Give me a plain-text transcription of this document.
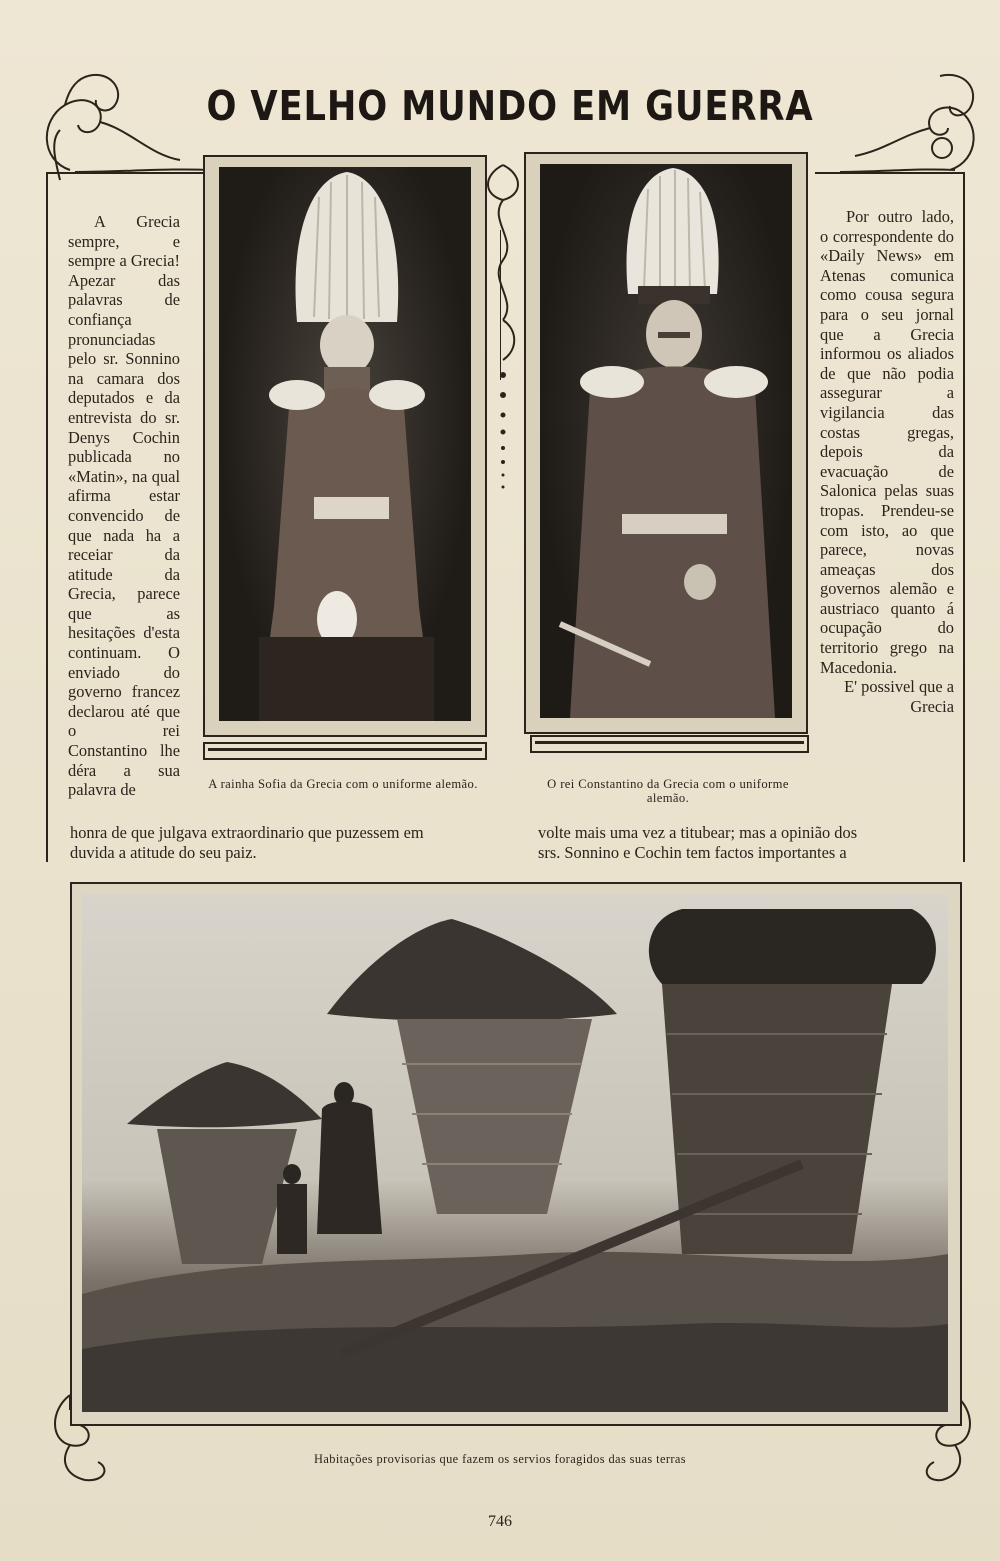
O VELHO MUNDO EM GUERRA
A rainha Sofia da Grecia com o uniforme alemão.	O rei Constantino da Grecia com o uniforme alemão.

A Grecia sempre, e sempre a Grecia! Apezar das palavras de confiança pronunciadas pelo sr. Sonnino na camara dos deputados e da entrevista do sr. Denys Cochin publicada no «Matin», na qual afirma estar convencido de que nada ha a receiar da atitude da Grecia, parece que as hesitações d'esta continuam. O enviado do governo francez declarou até que o rei Constantino lhe déra a sua palavra de

Por outro lado, o correspondente do «Daily News» em Atenas comunica como cousa segura para o seu jornal que a Grecia informou os aliados de que não podia assegurar a vigilancia das costas gregas, depois da evacuação de Salonica pelas suas tropas. Prendeu-se com isto, ao que parece, novas ameaças dos governos alemão e austriaco quanto á ocupação do territorio grego na Macedonia.

E' possivel que a Grecia

honra de que julgava extraordinario que puzessem em
duvida a atitude do seu paiz.
volte mais uma vez a titubear; mas a opinião dos
srs. Sonnino e Cochin tem factos importantes a
Habitações provisorias que fazem os servios foragidos das suas terras
746
